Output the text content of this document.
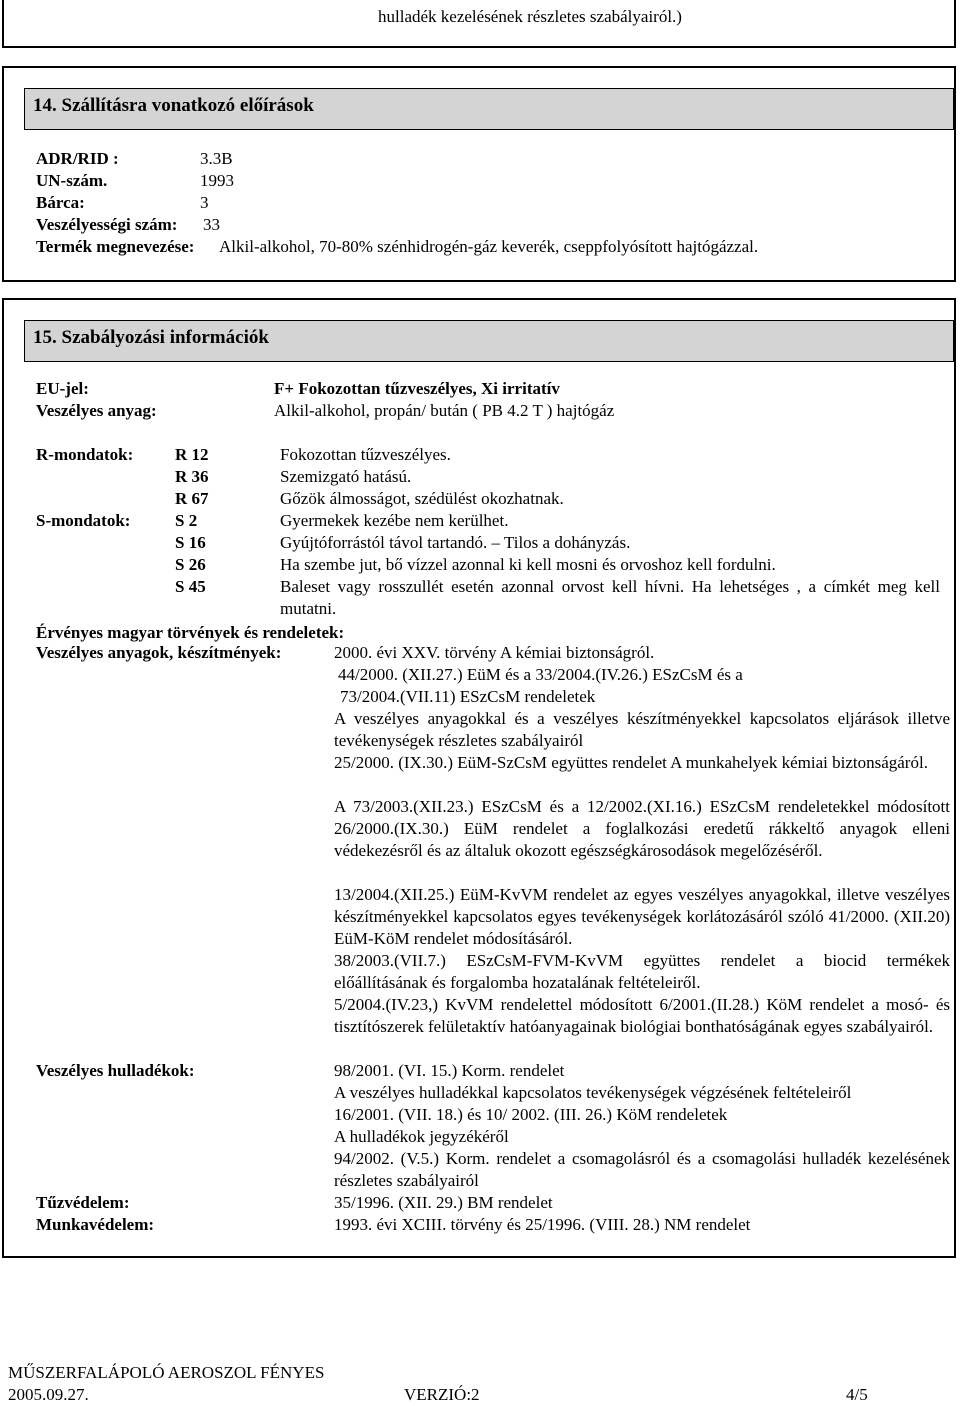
hulladék kezelésének részletes szabályairól.)
14. Szállításra vonatkozó előírások
ADR/RID :	3.3B
UN-szám.	1993
Bárca:	3
Veszélyességi szám: 33
Termék megnevezése: Alkil-alkohol, 70-80% szénhidrogén-gáz keverék, cseppfolyósított hajtógázzal.
15. Szabályozási információk
EU-jel:	F+ Fokozottan tűzveszélyes, Xi irritatív
Veszélyes anyag:	Alkil-alkohol, propán/ bután ( PB 4.2 T ) hajtógáz
R-mondatok: R 12	Fokozottan tűzveszélyes.
R 36	Szemizgató hatású.
R 67	Gőzök álmosságot, szédülést okozhatnak.
S-mondatok:	S 2	Gyermekek kezébe nem kerülhet.
S 16	Gyújtóforrástól távol tartandó. – Tilos a dohányzás.
S 26	Ha szembe jut, bő vízzel azonnal ki kell mosni és orvoshoz kell fordulni.
S 45	Baleset vagy rosszullét esetén azonnal orvost kell hívni. Ha lehetséges , a címkét meg kell mutatni.
Érvényes magyar törvények és rendeletek:
Veszélyes anyagok, készítmények:	2000. évi XXV. törvény A kémiai biztonságról.
44/2000. (XII.27.) EüM és a 33/2004.(IV.26.) ESzCsM és a
73/2004.(VII.11) ESzCsM rendeletek
A veszélyes anyagokkal és a veszélyes készítményekkel kapcsolatos eljárások illetve tevékenységek részletes szabályairól
25/2000. (IX.30.) EüM-SzCsM együttes rendelet A munkahelyek kémiai biztonságáról.
A 73/2003.(XII.23.) ESzCsM és a 12/2002.(XI.16.) ESzCsM rendeletekkel módosított 26/2000.(IX.30.) EüM rendelet a foglalkozási eredetű rákkeltő anyagok elleni védekezésről és az általuk okozott egészségkárosodások megelőzéséről.
13/2004.(XII.25.) EüM-KvVM rendelet az egyes veszélyes anyagokkal, illetve veszélyes készítményekkel kapcsolatos egyes tevékenységek korlátozásáról szóló 41/2000. (XII.20) EüM-KöM rendelet módosításáról.
38/2003.(VII.7.) ESzCsM-FVM-KvVM együttes rendelet a biocid termékek előállításának és forgalomba hozatalának feltételeiről.
5/2004.(IV.23,) KvVM rendelettel módosított 6/2001.(II.28.) KöM rendelet a mosó- és tisztítószerek felületaktív hatóanyagainak biológiai bonthatóságának egyes szabályairól.
Veszélyes hulladékok:	98/2001. (VI. 15.) Korm. rendelet
A veszélyes hulladékkal kapcsolatos tevékenységek végzésének feltételeiről
16/2001. (VII. 18.) és 10/ 2002. (III. 26.) KöM rendeletek
A hulladékok jegyzékéről
94/2002. (V.5.) Korm. rendelet a csomagolásról és a csomagolási hulladék kezelésének részletes szabályairól
Tűzvédelem:	35/1996. (XII. 29.) BM rendelet
Munkavédelem:	1993. évi XCIII. törvény és 25/1996. (VIII. 28.) NM rendelet
MŰSZERFALÁPOLÓ AEROSZOL FÉNYES
2005.09.27.	VERZIÓ:2	4/5
